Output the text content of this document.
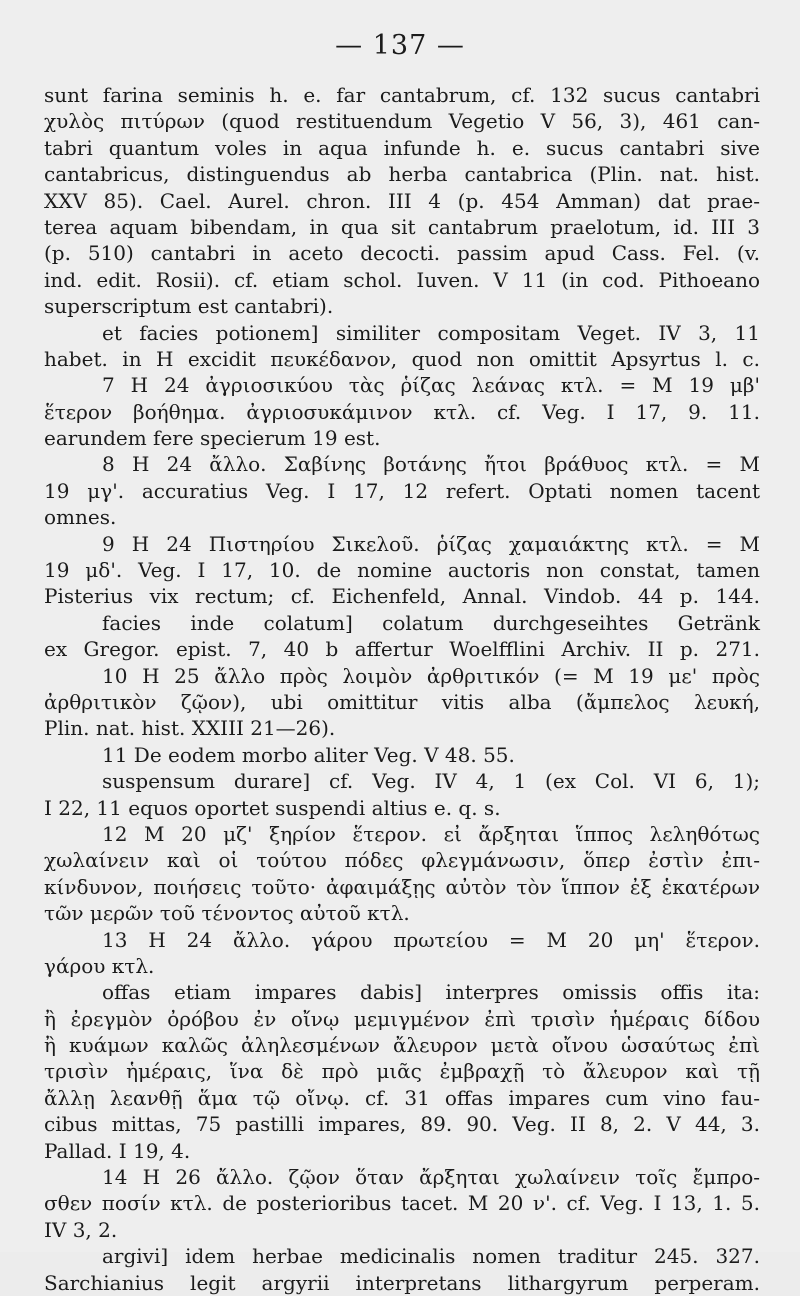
— 137 —
sunt farina seminis h. e. far cantabrum, cf. 132 sucus cantabri
χυλὸς πιτύρων (quod restituendum Vegetio V 56, 3), 461 can-
tabri quantum voles in aqua infunde h. e. sucus cantabri sive
cantabricus, distinguendus ab herba cantabrica (Plin. nat. hist.
XXV 85). Cael. Aurel. chron. III 4 (p. 454 Amman) dat prae-
terea aquam bibendam, in qua sit cantabrum praelotum, id. III 3
(p. 510) cantabri in aceto decocti. passim apud Cass. Fel. (v.
ind. edit. Rosii). cf. etiam schol. Iuven. V 11 (in cod. Pithoeano
superscriptum est cantabri).
et facies potionem] similiter compositam Veget. IV 3, 11
habet. in H excidit πευκέδανον, quod non omittit Apsyrtus l. c.
7 H 24 ἀγριοσικύου τὰς ῥίζας λεάνας κτλ. = M 19 μβ'
ἕτερον βοήθημα. ἀγριοσυκάμινον κτλ. cf. Veg. I 17, 9. 11.
earundem fere specierum 19 est.
8 H 24 ἄλλο. Σαβίνης βοτάνης ἤτοι βράθυος κτλ. = M
19 μγ'. accuratius Veg. I 17, 12 refert. Optati nomen tacent
omnes.
9 H 24 Πιστηρίου Σικελοῦ. ῥίζας χαμαιάκτης κτλ. = M
19 μδ'. Veg. I 17, 10. de nomine auctoris non constat, tamen
Pisterius vix rectum; cf. Eichenfeld, Annal. Vindob. 44 p. 144.
facies inde colatum] colatum durchgeseihtes Getränk
ex Gregor. epist. 7, 40 b affertur Woelfflini Archiv. II p. 271.
10 H 25 ἄλλο πρὸς λοιμὸν ἀρθριτικόν (= M 19 με' πρὸς
ἀρθριτικὸν ζῷον), ubi omittitur vitis alba (ἄμπελος λευκή,
Plin. nat. hist. XXIII 21—26).
11 De eodem morbo aliter Veg. V 48. 55.
suspensum durare] cf. Veg. IV 4, 1 (ex Col. VI 6, 1);
I 22, 11 equos oportet suspendi altius e. q. s.
12 M 20 μζ' ξηρίον ἕτερον. εἰ ἄρξηται ἵππος λεληθότως
χωλαίνειν καὶ οἱ τούτου πόδες φλεγμάνωσιν, ὅπερ ἐστὶν ἐπι-
κίνδυνον, ποιήσεις τοῦτο· ἀφαιμάξῃς αὐτὸν τὸν ἵππον ἐξ ἑκατέρων
τῶν μερῶν τοῦ τένοντος αὐτοῦ κτλ.
13 H 24 ἄλλο. γάρου πρωτείου = M 20 μη' ἕτερον.
γάρου κτλ.
offas etiam impares dabis] interpres omissis offis ita:
ἢ ἐρεγμὸν ὀρόβου ἐν οἴνῳ μεμιγμένον ἐπὶ τρισὶν ἡμέραις δίδου
ἢ κυάμων καλῶς ἀληλεσμένων ἄλευρον μετὰ οἴνου ὡσαύτως ἐπὶ
τρισὶν ἡμέραις, ἵνα δὲ πρὸ μιᾶς ἐμβραχῇ τὸ ἄλευρον καὶ τῇ
ἄλλῃ λεανθῇ ἅμα τῷ οἴνῳ. cf. 31 offas impares cum vino fau-
cibus mittas, 75 pastilli impares, 89. 90. Veg. II 8, 2. V 44, 3.
Pallad. I 19, 4.
14 H 26 ἄλλο. ζῷον ὅταν ἄρξηται χωλαίνειν τοῖς ἔμπρο-
σθεν ποσίν κτλ. de posterioribus tacet. M 20 ν'. cf. Veg. I 13, 1. 5.
IV 3, 2.
argivi] idem herbae medicinalis nomen traditur 245. 327.
Sarchianius legit argyrii interpretans lithargyrum perperam.
